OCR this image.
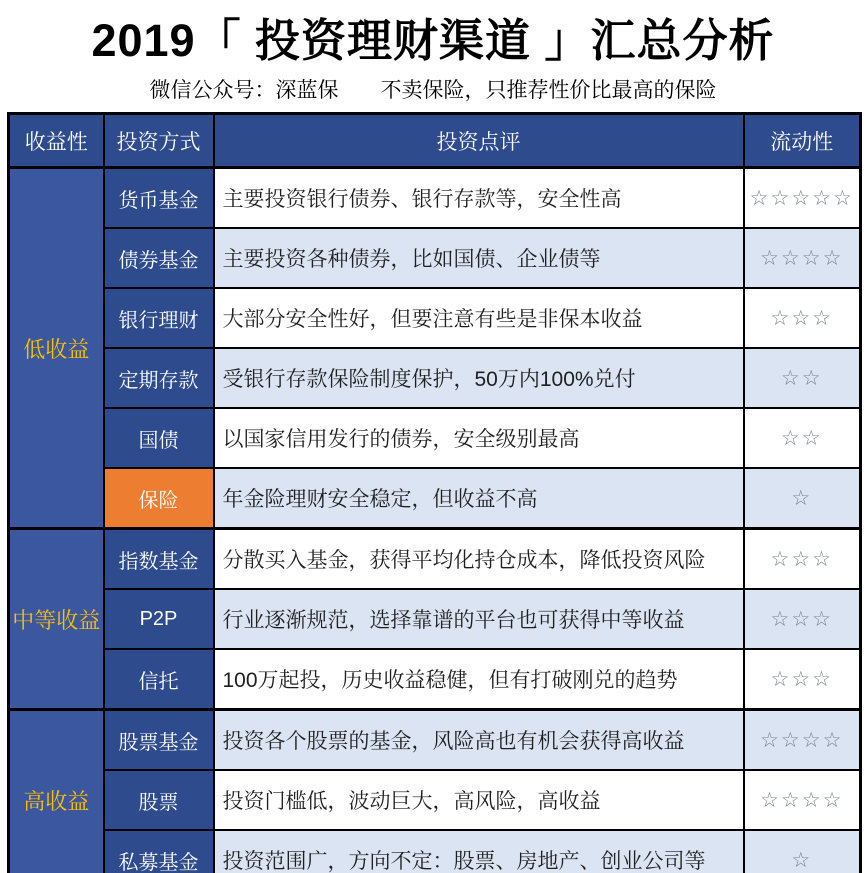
2019「 投资理财渠道 」汇总分析
微信公众号：深蓝保　　不卖保险，只推荐性价比最高的保险
收益性	投资方式	投资点评	流动性
低收益	货币基金	主要投资银行债券、银行存款等，安全性高	☆☆☆☆☆
	债券基金	主要投资各种债券，比如国债、企业债等	☆☆☆☆
	银行理财	大部分安全性好，但要注意有些是非保本收益	☆☆☆
	定期存款	受银行存款保险制度保护，50万内100%兑付	☆☆
	国债	以国家信用发行的债券，安全级别最高	☆☆
	保险	年金险理财安全稳定，但收益不高	☆
中等收益	指数基金	分散买入基金，获得平均化持仓成本，降低投资风险	☆☆☆
	P2P	行业逐渐规范，选择靠谱的平台也可获得中等收益	☆☆☆
	信托	100万起投，历史收益稳健，但有打破刚兑的趋势	☆☆☆
高收益	股票基金	投资各个股票的基金，风险高也有机会获得高收益	☆☆☆☆
	股票	投资门槛低，波动巨大，高风险，高收益	☆☆☆☆
	私募基金	投资范围广，方向不定：股票、房地产、创业公司等	☆
